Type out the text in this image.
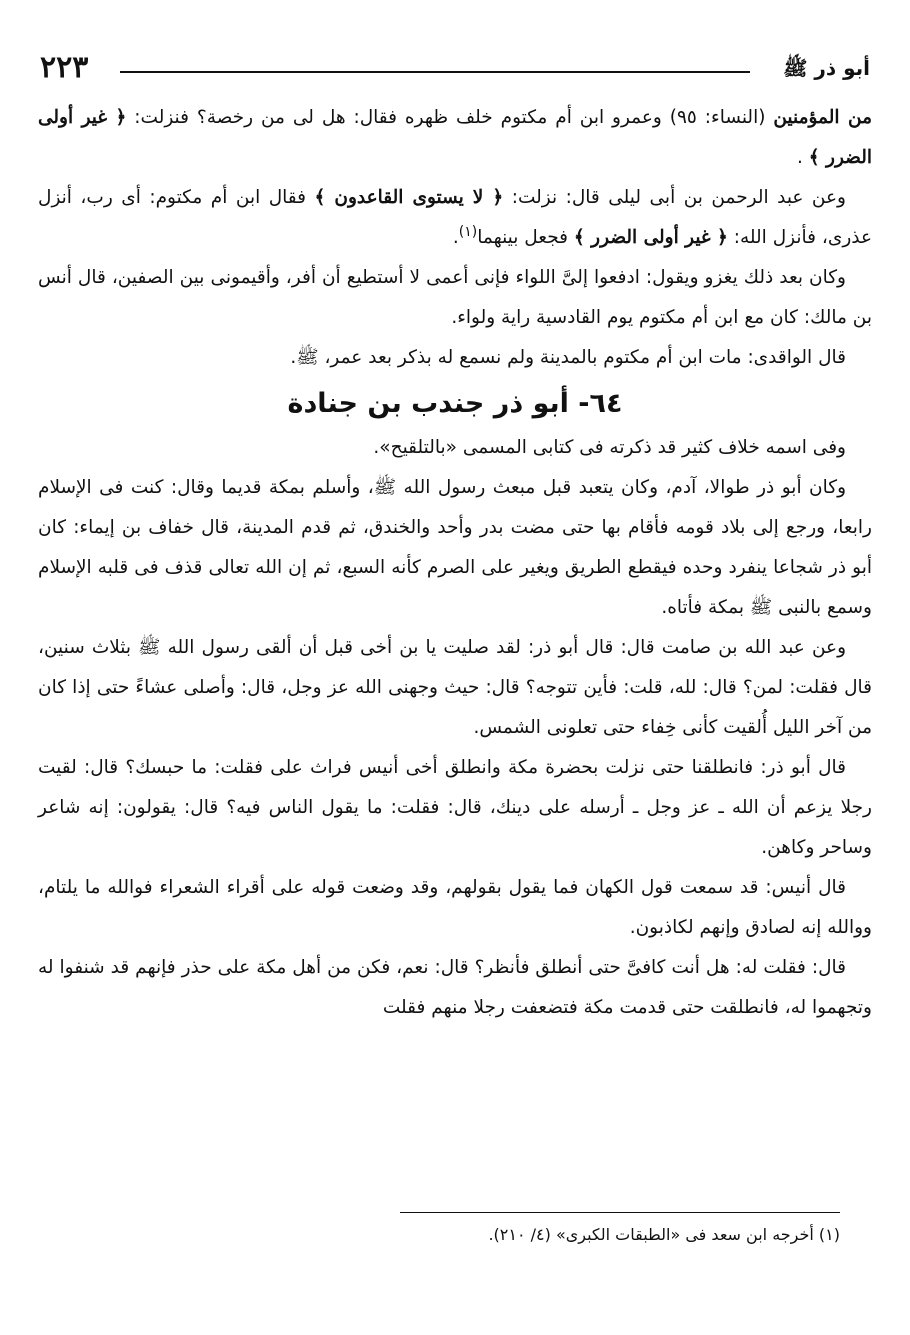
أبو ذر ﷺ
٢٢٣

من المؤمنين (النساء: ٩٥) وعمرو ابن أم مكتوم خلف ظهره فقال: هل لى من رخصة؟ فنزلت: ﴿ غير أولى الضرر ﴾ .

وعن عبد الرحمن بن أبى ليلى قال: نزلت: ﴿ لا يستوى القاعدون ﴾ فقال ابن أم مكتوم: أى رب، أنزل عذرى، فأنزل الله: ﴿ غير أولى الضرر ﴾ فجعل بينهما$^{(١)}$.

وكان بعد ذلك يغزو ويقول: ادفعوا إلىَّ اللواء فإنى أعمى لا أستطيع أن أفر، وأقيمونى بين الصفين، قال أنس بن مالك: كان مع ابن أم مكتوم يوم القادسية راية ولواء.

قال الواقدى: مات ابن أم مكتوم بالمدينة ولم نسمع له بذكر بعد عمر، ﷺ.

٦٤- أبو ذر جندب بن جنادة

وفى اسمه خلاف كثير قد ذكرته فى كتابى المسمى «بالتلقيح».

وكان أبو ذر طوالا، آدم، وكان يتعبد قبل مبعث رسول الله ﷺ، وأسلم بمكة قديما وقال: كنت فى الإسلام رابعا، ورجع إلى بلاد قومه فأقام بها حتى مضت بدر وأحد والخندق، ثم قدم المدينة، قال خفاف بن إيماء: كان أبو ذر شجاعا ينفرد وحده فيقطع الطريق ويغير على الصرم كأنه السبع، ثم إن الله تعالى قذف فى قلبه الإسلام وسمع بالنبى ﷺ بمكة فأتاه.

وعن عبد الله بن صامت قال: قال أبو ذر: لقد صليت يا بن أخى قبل أن ألقى رسول الله ﷺ بثلاث سنين، قال فقلت: لمن؟ قال: لله، قلت: فأين تتوجه؟ قال: حيث وجهنى الله عز وجل، قال: وأصلى عشاءً حتى إذا كان من آخر الليل أُلقيت كأنى خِفاء حتى تعلونى الشمس.

قال أبو ذر: فانطلقنا حتى نزلت بحضرة مكة وانطلق أخى أنيس فراث على فقلت: ما حبسك؟ قال: لقيت رجلا يزعم أن الله ـ عز وجل ـ أرسله على دينك، قال: فقلت: ما يقول الناس فيه؟ قال: يقولون: إنه شاعر وساحر وكاهن.

قال أنيس: قد سمعت قول الكهان فما يقول بقولهم، وقد وضعت قوله على أقراء الشعراء فوالله ما يلتام، ووالله إنه لصادق وإنهم لكاذبون.

قال: فقلت له: هل أنت كافىَّ حتى أنطلق فأنظر؟ قال: نعم، فكن من أهل مكة على حذر فإنهم قد شنفوا له وتجهموا له، فانطلقت حتى قدمت مكة فتضعفت رجلا منهم فقلت

(١) أخرجه ابن سعد فى «الطبقات الكبرى» (٤/ ٢١٠).
